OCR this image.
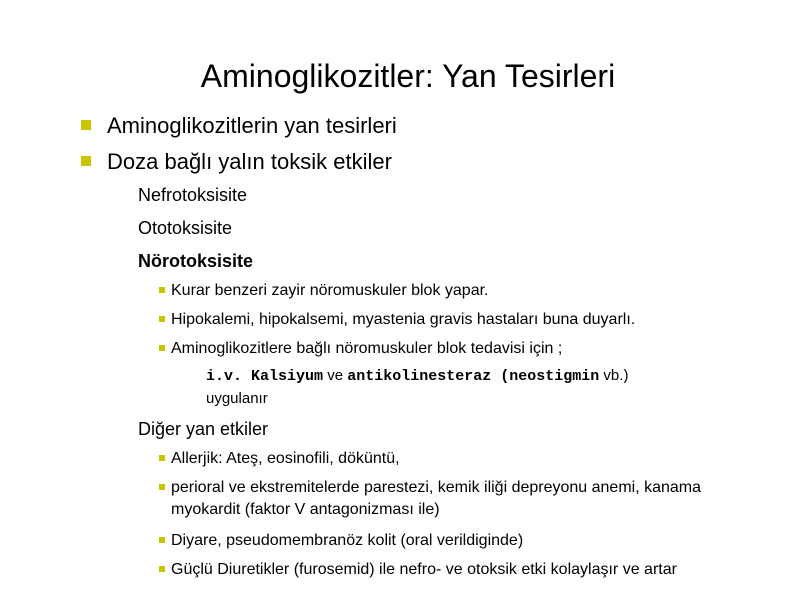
Aminoglikozitler: Yan Tesirleri
Aminoglikozitlerin yan tesirleri
Doza bağlı yalın toksik etkiler
Nefrotoksisite
Ototoksisite
Nörotoksisite
Kurar benzeri zayir nöromuskuler blok yapar.
Hipokalemi, hipokalsemi, myastenia gravis hastaları buna duyarlı.
Aminoglikozitlere bağlı nöromuskuler blok tedavisi için ;
i.v. Kalsiyum ve antikolinesteraz (neostigmin vb.)
uygulanır
Diğer yan etkiler
Allerjik: Ateş, eosinofili, döküntü,
perioral ve ekstremitelerde parestezi, kemik iliği depreyonu anemi, kanama myokardit (faktor V antagonizması ile)
Diyare, pseudomembranöz kolit (oral verildiginde)
Güçlü Diuretikler (furosemid) ile nefro- ve otoksik etki kolaylaşır ve artar
